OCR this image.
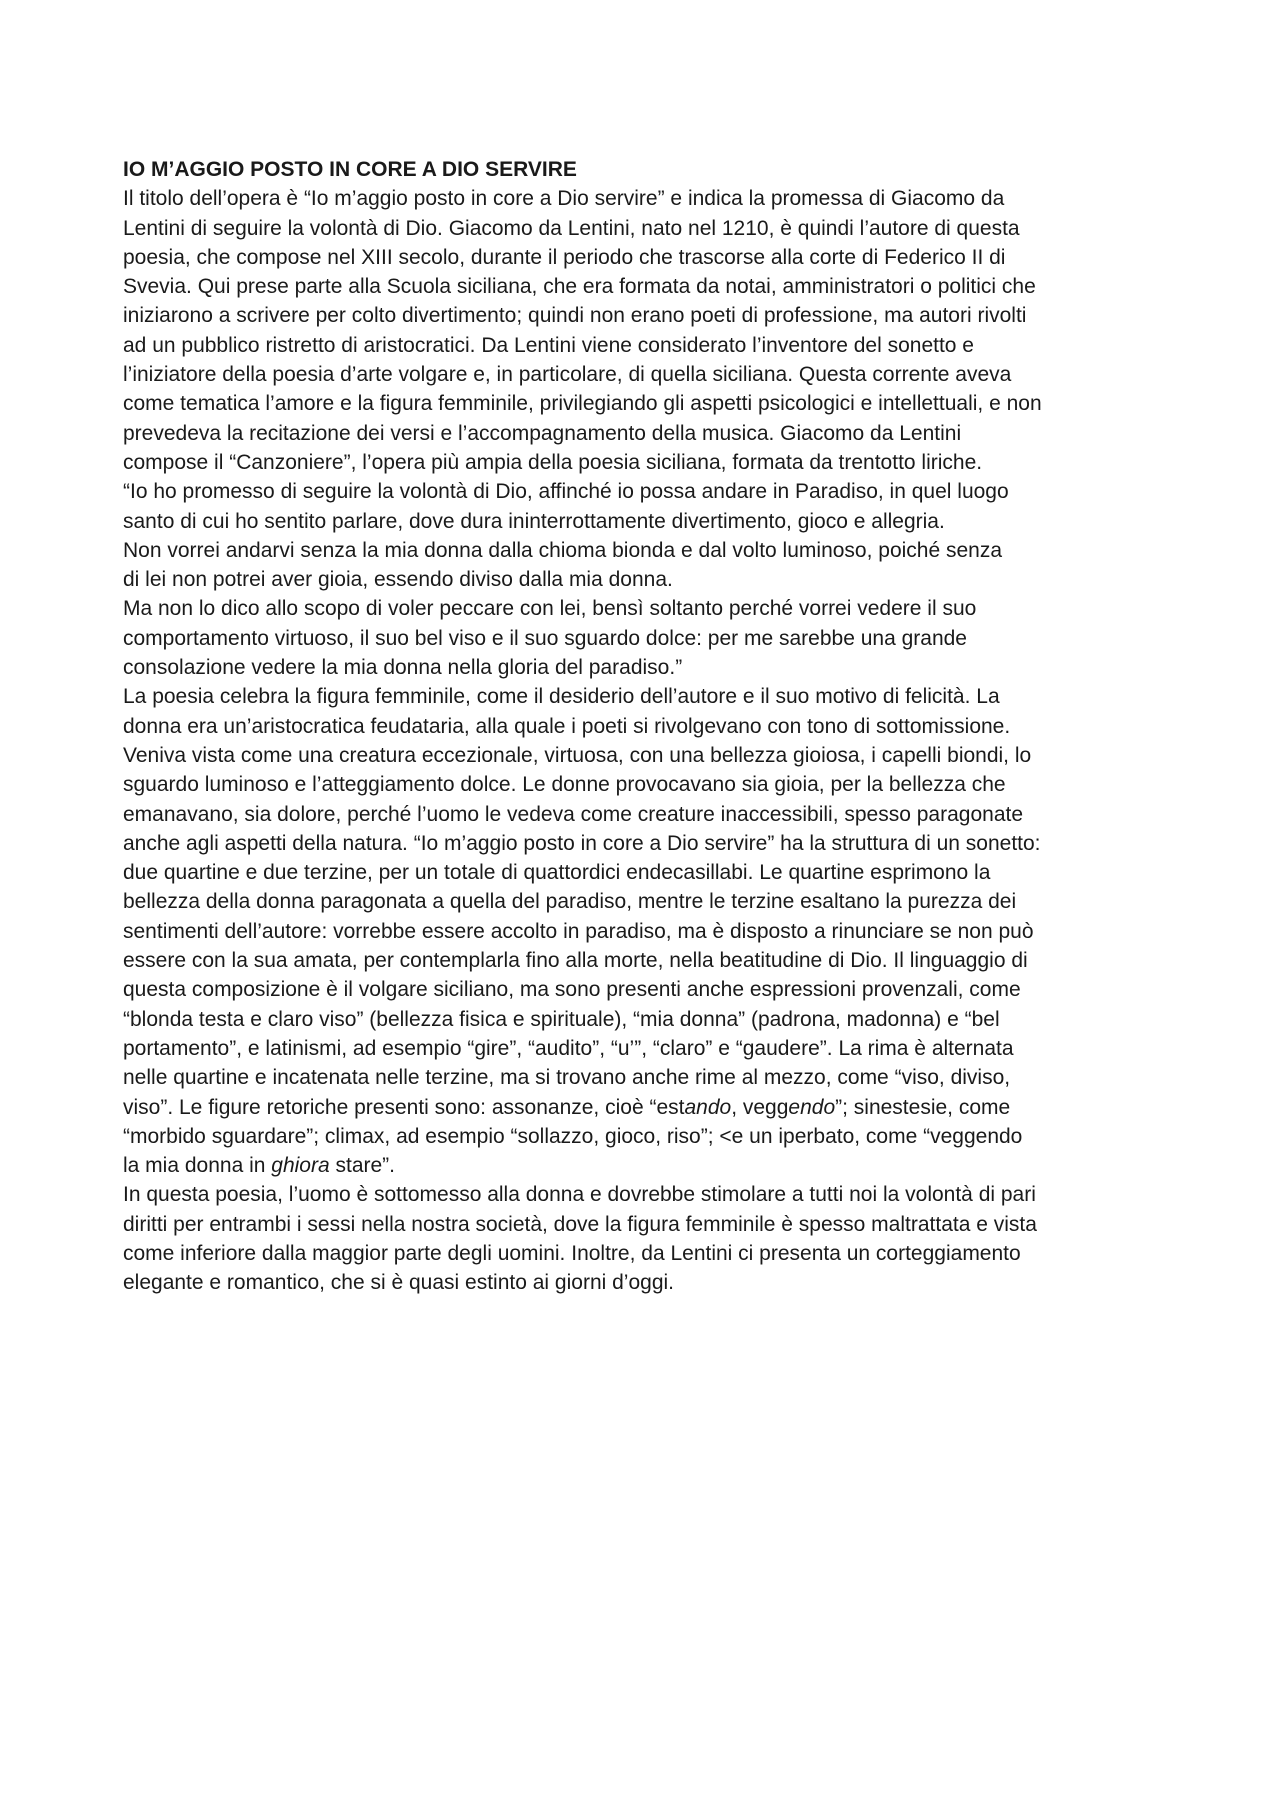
IO M’AGGIO POSTO IN CORE A DIO SERVIRE
Il titolo dell’opera è “Io m’aggio posto in core a Dio servire” e indica la promessa di Giacomo da
Lentini di seguire la volontà di Dio. Giacomo da Lentini, nato nel 1210, è quindi l’autore di questa
poesia, che compose nel XIII secolo, durante il periodo che trascorse alla corte di Federico II di
Svevia. Qui prese parte alla Scuola siciliana, che era formata da notai, amministratori o politici che
iniziarono a scrivere per colto divertimento; quindi non erano poeti di professione, ma autori rivolti
ad un pubblico ristretto di aristocratici. Da Lentini viene considerato l’inventore del sonetto e
l’iniziatore della poesia d’arte volgare e, in particolare, di quella siciliana. Questa corrente aveva
come tematica l’amore e la figura femminile, privilegiando gli aspetti psicologici e intellettuali, e non
prevedeva la recitazione dei versi e l’accompagnamento della musica. Giacomo da Lentini
compose il “Canzoniere”, l’opera più ampia della poesia siciliana, formata da trentotto liriche.
“Io ho promesso di seguire la volontà di Dio, affinché io possa andare in Paradiso, in quel luogo
santo di cui ho sentito parlare, dove dura ininterrottamente divertimento, gioco e allegria.
Non vorrei andarvi senza la mia donna dalla chioma bionda e dal volto luminoso, poiché senza
di lei non potrei aver gioia, essendo diviso dalla mia donna.
Ma non lo dico allo scopo di voler peccare con lei, bensì soltanto perché vorrei vedere il suo
comportamento virtuoso, il suo bel viso e il suo sguardo dolce: per me sarebbe una grande
consolazione vedere la mia donna nella gloria del paradiso.”
La poesia celebra la figura femminile, come il desiderio dell’autore e il suo motivo di felicità. La
donna era un’aristocratica feudataria, alla quale i poeti si rivolgevano con tono di sottomissione.
Veniva vista come una creatura eccezionale, virtuosa, con una bellezza gioiosa, i capelli biondi, lo
sguardo luminoso e l’atteggiamento dolce. Le donne provocavano sia gioia, per la bellezza che
emanavano, sia dolore, perché l’uomo le vedeva come creature inaccessibili, spesso paragonate
anche agli aspetti della natura. “Io m’aggio posto in core a Dio servire” ha la struttura di un sonetto:
due quartine e due terzine, per un totale di quattordici endecasillabi. Le quartine esprimono la
bellezza della donna paragonata a quella del paradiso, mentre le terzine esaltano la purezza dei
sentimenti dell’autore: vorrebbe essere accolto in paradiso, ma è disposto a rinunciare se non può
essere con la sua amata, per contemplarla fino alla morte, nella beatitudine di Dio. Il linguaggio di
questa composizione è il volgare siciliano, ma sono presenti anche espressioni provenzali, come
“blonda testa e claro viso” (bellezza fisica e spirituale), “mia donna” (padrona, madonna) e “bel
portamento”, e latinismi, ad esempio “gire”, “audito”, “u’”, “claro” e “gaudere”. La rima è alternata
nelle quartine e incatenata nelle terzine, ma si trovano anche rime al mezzo, come “viso, diviso,
viso”. Le figure retoriche presenti sono: assonanze, cioè “estando, veggendo”; sinestesie, come
“morbido sguardare”; climax, ad esempio “sollazzo, gioco, riso”; <e un iperbato, come “veggendo
la mia donna in ghiora stare”.
In questa poesia, l’uomo è sottomesso alla donna e dovrebbe stimolare a tutti noi la volontà di pari
diritti per entrambi i sessi nella nostra società, dove la figura femminile è spesso maltrattata e vista
come inferiore dalla maggior parte degli uomini. Inoltre, da Lentini ci presenta un corteggiamento
elegante e romantico, che si è quasi estinto ai giorni d’oggi.
